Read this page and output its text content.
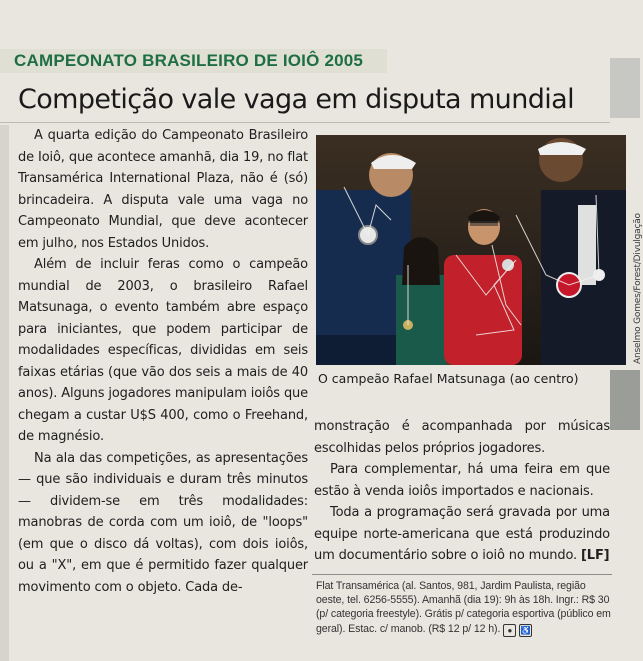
CAMPEONATO BRASILEIRO DE IOIÔ 2005
Competição vale vaga em disputa mundial

A quarta edição do Campeonato Brasileiro de Ioiô, que acontece amanhã, dia 19, no flat Transamérica International Plaza, não é (só) brincadeira. A disputa vale uma vaga no Campeonato Mundial, que deve acontecer em julho, nos Estados Unidos.

Além de incluir feras como o campeão mundial de 2003, o brasileiro Rafael Matsunaga, o evento também abre espaço para iniciantes, que podem participar de modalidades específicas, divididas em seis faixas etárias (que vão dos seis a mais de 40 anos). Alguns jogadores manipulam ioiôs que chegam a custar U$S 400, como o Freehand, de magnésio.

Na ala das competições, as apresentações — que são individuais e duram três minutos— dividem-se em três modalidades: manobras de corda com um ioiô, de "loops" (em que o disco dá voltas), com dois ioiôs, ou a "X", em que é permitido fazer qualquer movimento com o objeto. Cada de-

O campeão Rafael Matsunaga (ao centro)

Anselmo Gomes/Forest/Divulgação

monstração é acompanhada por músicas escolhidas pelos próprios jogadores.

Para complementar, há uma feira em que estão à venda ioiôs importados e nacionais.

Toda a programação será gravada por uma equipe norte-americana que está produzindo um documentário sobre o ioiô no mundo. [LF]

Flat Transamérica (al. Santos, 981, Jardim Paulista, região oeste, tel. 6256-5555). Amanhã (dia 19): 9h às 18h. Ingr.: R$ 30 (p/ categoria freestyle). Grátis p/ categoria esportiva (público em geral). Estac. c/ manob. (R$ 12 p/ 12 h). ● ♿
